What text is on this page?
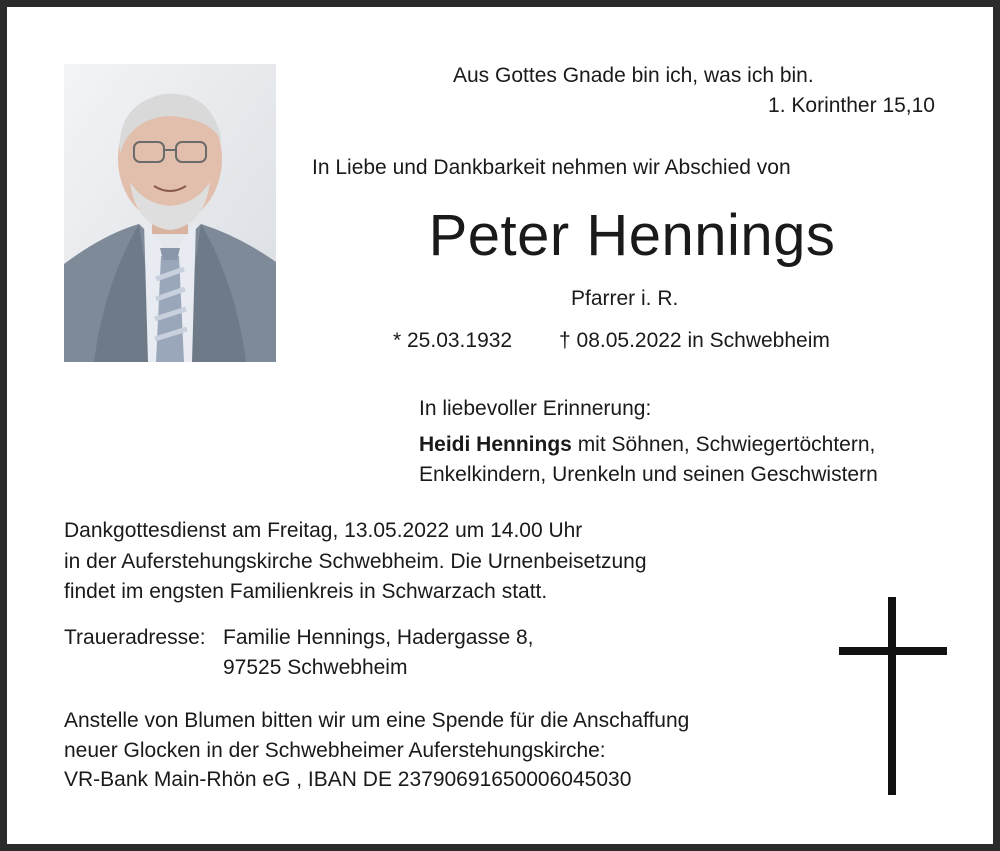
Aus Gottes Gnade bin ich, was ich bin.
1. Korinther 15,10
In Liebe und Dankbarkeit nehmen wir Abschied von
Peter Hennings
Pfarrer i. R.
* 25.03.1932 † 08.05.2022 in Schwebheim
In liebevoller Erinnerung:
Heidi Hennings mit Söhnen, Schwiegertöchtern,
Enkelkindern, Urenkeln und seinen Geschwistern
Dankgottesdienst am Freitag, 13.05.2022 um 14.00 Uhr
in der Auferstehungskirche Schwebheim. Die Urnenbeisetzung
findet im engsten Familienkreis in Schwarzach statt.
Traueradresse: Familie Hennings, Hadergasse 8,
97525 Schwebheim
Anstelle von Blumen bitten wir um eine Spende für die Anschaffung
neuer Glocken in der Schwebheimer Auferstehungskirche:
VR-Bank Main-Rhön eG , IBAN DE 23790691650006045030
